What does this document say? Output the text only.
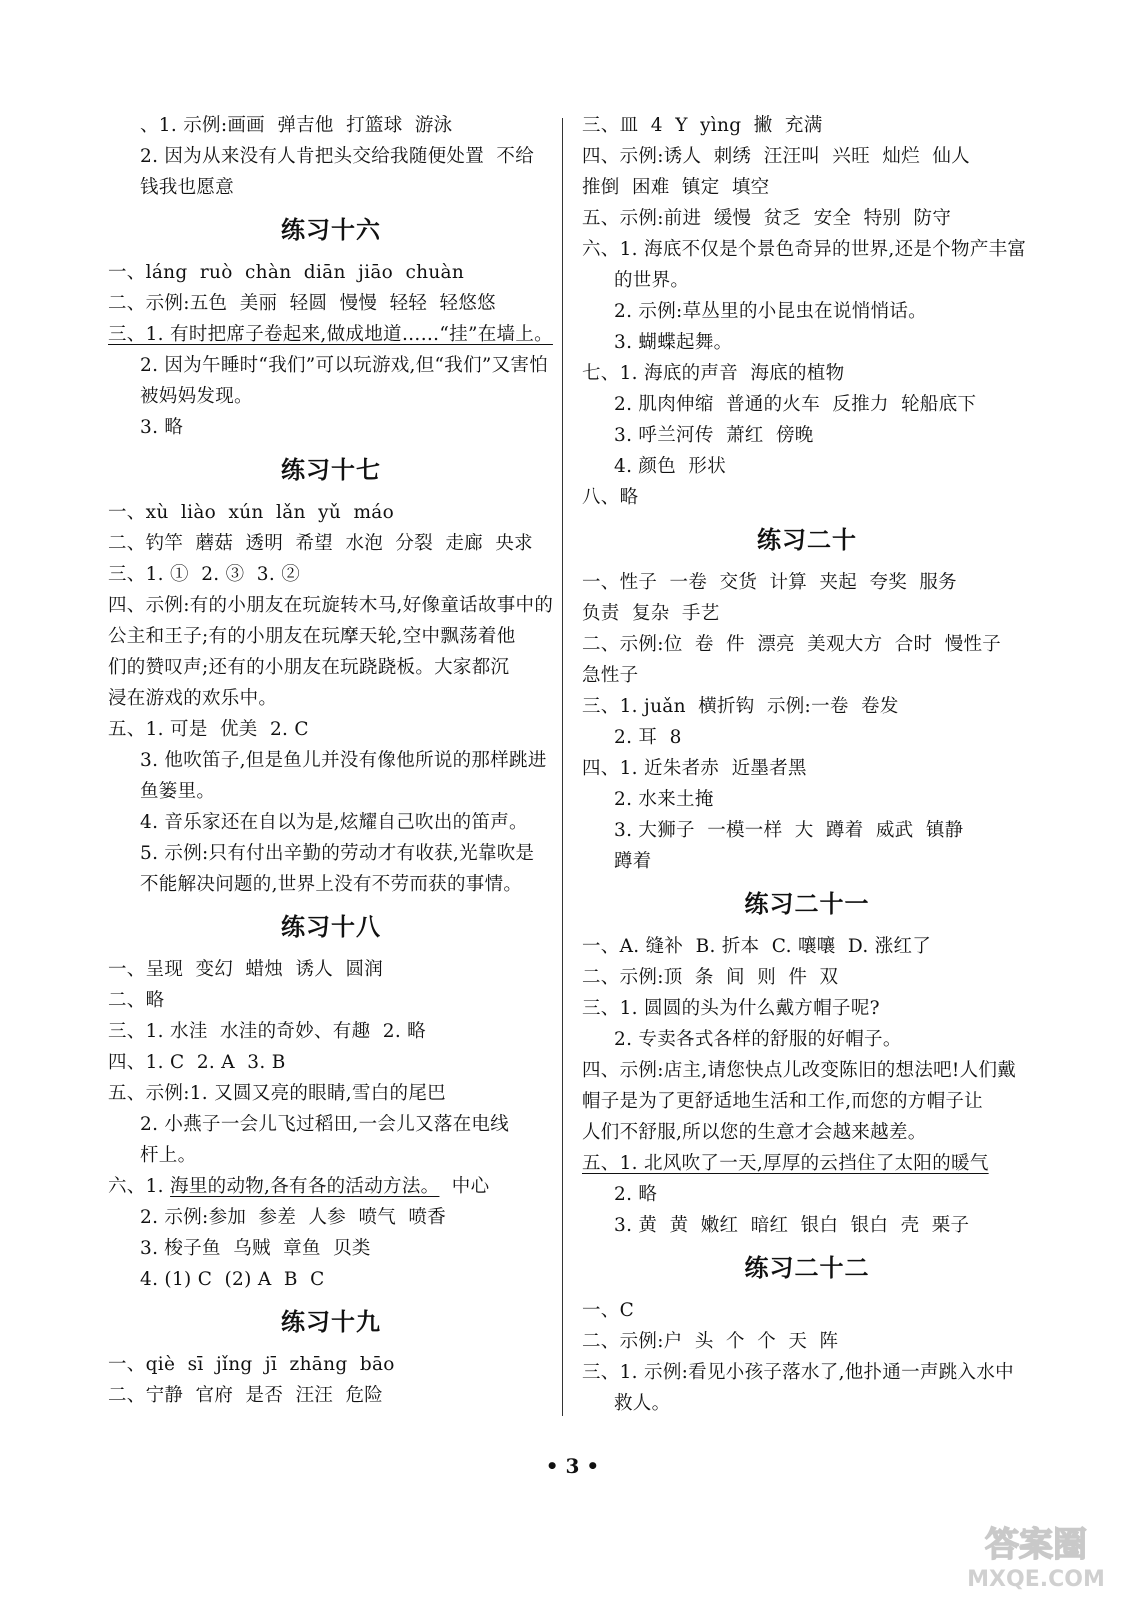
、1. 示例:画画  弹吉他  打篮球  游泳
2. 因为从来没有人肯把头交给我随便处置  不给
钱我也愿意
练习十六
一、láng  ruò  chàn  diān  jiāo  chuàn
二、示例:五色  美丽  轻圆  慢慢  轻轻  轻悠悠
三、1. 有时把席子卷起来,做成地道……“挂”在墙上。
2. 因为午睡时“我们”可以玩游戏,但“我们”又害怕
被妈妈发现。
3. 略
练习十七
一、xù  liào  xún  lǎn  yǔ  máo
二、钓竿  蘑菇  透明  希望  水泡  分裂  走廊  央求
三、1. ①  2. ③  3. ②
四、示例:有的小朋友在玩旋转木马,好像童话故事中的
公主和王子;有的小朋友在玩摩天轮,空中飘荡着他
们的赞叹声;还有的小朋友在玩跷跷板。大家都沉
浸在游戏的欢乐中。
五、1. 可是  优美  2. C
3. 他吹笛子,但是鱼儿并没有像他所说的那样跳进
鱼篓里。
4. 音乐家还在自以为是,炫耀自己吹出的笛声。
5. 示例:只有付出辛勤的劳动才有收获,光靠吹是
不能解决问题的,世界上没有不劳而获的事情。
练习十八
一、呈现  变幻  蜡烛  诱人  圆润
二、略
三、1. 水洼  水洼的奇妙、有趣  2. 略
四、1. C  2. A  3. B
五、示例:1. 又圆又亮的眼睛,雪白的尾巴
2. 小燕子一会儿飞过稻田,一会儿又落在电线
杆上。
六、1. 海里的动物,各有各的活动方法。  中心
2. 示例:参加  参差  人参  喷气  喷香
3. 梭子鱼  乌贼  章鱼  贝类
4. (1) C  (2) A  B  C
练习十九
一、qiè  sī  jǐng  jī  zhāng  bāo
二、宁静  官府  是否  汪汪  危险
三、皿  4  Y  yìng  撇  充满
四、示例:诱人  刺绣  汪汪叫  兴旺  灿烂  仙人
推倒  困难  镇定  填空
五、示例:前进  缓慢  贫乏  安全  特别  防守
六、1. 海底不仅是个景色奇异的世界,还是个物产丰富
的世界。
2. 示例:草丛里的小昆虫在说悄悄话。
3. 蝴蝶起舞。
七、1. 海底的声音  海底的植物
2. 肌肉伸缩  普通的火车  反推力  轮船底下
3. 呼兰河传  萧红  傍晚
4. 颜色  形状
八、略
练习二十
一、性子  一卷  交货  计算  夹起  夸奖  服务
负责  复杂  手艺
二、示例:位  卷  件  漂亮  美观大方  合时  慢性子
急性子
三、1. juǎn  横折钩  示例:一卷  卷发
2. 耳  8
四、1. 近朱者赤  近墨者黑
2. 水来土掩
3. 大狮子  一模一样  大  蹲着  威武  镇静
蹲着
练习二十一
一、A. 缝补  B. 折本  C. 嚷嚷  D. 涨红了
二、示例:顶  条  间  则  件  双
三、1. 圆圆的头为什么戴方帽子呢?
2. 专卖各式各样的舒服的好帽子。
四、示例:店主,请您快点儿改变陈旧的想法吧!人们戴
帽子是为了更舒适地生活和工作,而您的方帽子让
人们不舒服,所以您的生意才会越来越差。
五、1. 北风吹了一天,厚厚的云挡住了太阳的暖气
2. 略
3. 黄  黄  嫩红  暗红  银白  银白  壳  栗子
练习二十二
一、C
二、示例:户  头  个  个  天  阵
三、1. 示例:看见小孩子落水了,他扑通一声跳入水中
救人。
• 3 •
答案圈
MXQE.COM
